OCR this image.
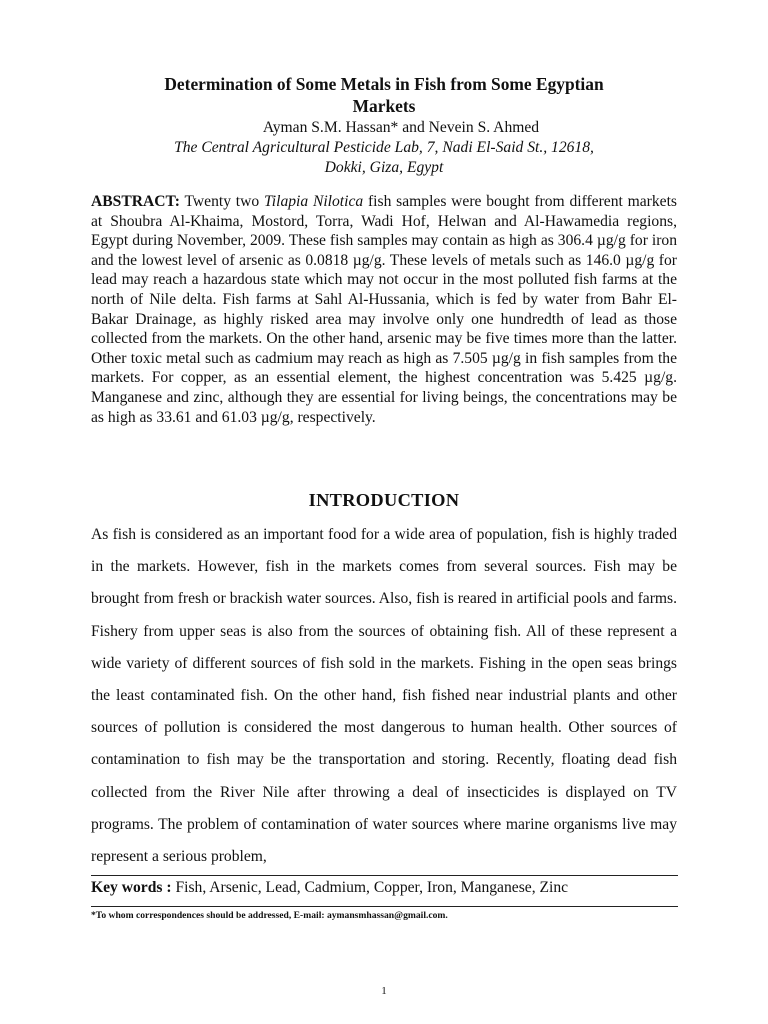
Determination of Some Metals in Fish from Some Egyptian
Markets
Ayman S.M. Hassan* and Nevein S. Ahmed
The Central Agricultural Pesticide Lab, 7, Nadi El-Said St., 12618,
Dokki, Giza, Egypt
ABSTRACT: Twenty two Tilapia Nilotica fish samples were bought from different markets at Shoubra Al-Khaima, Mostord, Torra, Wadi Hof, Helwan and Al-Hawamedia regions, Egypt during November, 2009. These fish samples may contain as high as 306.4 µg/g for iron and the lowest level of arsenic as 0.0818 µg/g. These levels of metals such as 146.0 µg/g for lead may reach a hazardous state which may not occur in the most polluted fish farms at the north of Nile delta. Fish farms at Sahl Al-Hussania, which is fed by water from Bahr El-Bakar Drainage, as highly risked area may involve only one hundredth of lead as those collected from the markets. On the other hand, arsenic may be five times more than the latter. Other toxic metal such as cadmium may reach as high as 7.505 µg/g in fish samples from the markets. For copper, as an essential element, the highest concentration was 5.425 µg/g. Manganese and zinc, although they are essential for living beings, the concentrations may be as high as 33.61 and 61.03 µg/g, respectively.
INTRODUCTION
As fish is considered as an important food for a wide area of population, fish is highly traded in the markets. However, fish in the markets comes from several sources. Fish may be brought from fresh or brackish water sources. Also, fish is reared in artificial pools and farms. Fishery from upper seas is also from the sources of obtaining fish. All of these represent a wide variety of different sources of fish sold in the markets. Fishing in the open seas brings the least contaminated fish. On the other hand, fish fished near industrial plants and other sources of pollution is considered the most dangerous to human health. Other sources of contamination to fish may be the transportation and storing. Recently, floating dead fish collected from the River Nile after throwing a deal of insecticides is displayed on TV programs. The problem of contamination of water sources where marine organisms live may represent a serious problem,
Key words : Fish, Arsenic, Lead, Cadmium, Copper, Iron, Manganese, Zinc
*To whom correspondences should be addressed, E-mail: aymansmhassan@gmail.com.
1
